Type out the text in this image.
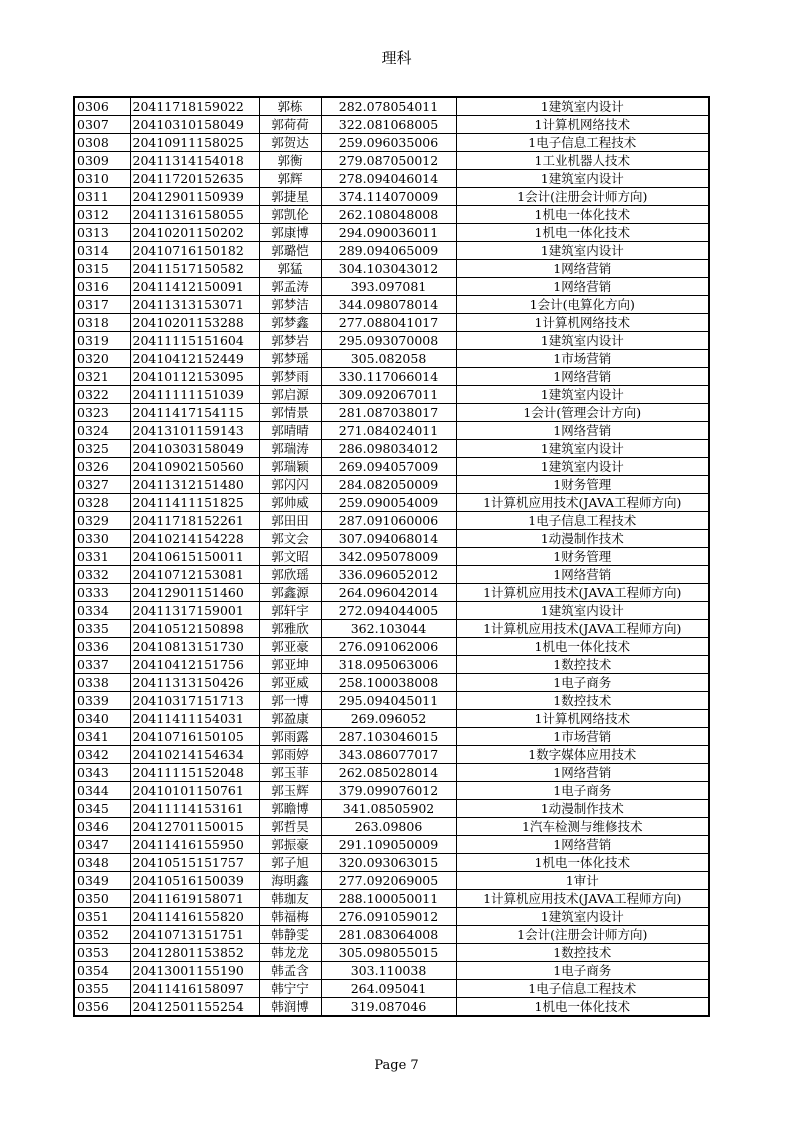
理科
0306	20411718159022	郭栋	282.078054011	1建筑室内设计
0307	20410310158049	郭荷荷	322.081068005	1计算机网络技术
0308	20410911158025	郭贺达	259.096035006	1电子信息工程技术
0309	20411314154018	郭衡	279.087050012	1工业机器人技术
0310	20411720152635	郭辉	278.094046014	1建筑室内设计
0311	20412901150939	郭捷星	374.114070009	1会计(注册会计师方向)
0312	20411316158055	郭凯伦	262.108048008	1机电一体化技术
0313	20410201150202	郭康博	294.090036011	1机电一体化技术
0314	20410716150182	郭璐恺	289.094065009	1建筑室内设计
0315	20411517150582	郭猛	304.103043012	1网络营销
0316	20411412150091	郭孟涛	393.097081	1网络营销
0317	20411313153071	郭梦洁	344.098078014	1会计(电算化方向)
0318	20410201153288	郭梦鑫	277.088041017	1计算机网络技术
0319	20411115151604	郭梦岩	295.093070008	1建筑室内设计
0320	20410412152449	郭梦瑶	305.082058	1市场营销
0321	20410112153095	郭梦雨	330.117066014	1网络营销
0322	20411111151039	郭启源	309.092067011	1建筑室内设计
0323	20411417154115	郭情景	281.087038017	1会计(管理会计方向)
0324	20413101159143	郭晴晴	271.084024011	1网络营销
0325	20410303158049	郭瑞涛	286.098034012	1建筑室内设计
0326	20410902150560	郭瑞颖	269.094057009	1建筑室内设计
0327	20411312151480	郭闪闪	284.082050009	1财务管理
0328	20411411151825	郭帅威	259.090054009	1计算机应用技术(JAVA工程师方向)
0329	20411718152261	郭田田	287.091060006	1电子信息工程技术
0330	20410214154228	郭文会	307.094068014	1动漫制作技术
0331	20410615150011	郭文昭	342.095078009	1财务管理
0332	20410712153081	郭欣瑶	336.096052012	1网络营销
0333	20412901151460	郭鑫源	264.096042014	1计算机应用技术(JAVA工程师方向)
0334	20411317159001	郭轩宇	272.094044005	1建筑室内设计
0335	20410512150898	郭雅欣	362.103044	1计算机应用技术(JAVA工程师方向)
0336	20410813151730	郭亚豪	276.091062006	1机电一体化技术
0337	20410412151756	郭亚坤	318.095063006	1数控技术
0338	20411313150426	郭亚威	258.100038008	1电子商务
0339	20410317151713	郭一博	295.094045011	1数控技术
0340	20411411154031	郭盈康	269.096052	1计算机网络技术
0341	20410716150105	郭雨露	287.103046015	1市场营销
0342	20410214154634	郭雨婷	343.086077017	1数字媒体应用技术
0343	20411115152048	郭玉菲	262.085028014	1网络营销
0344	20410101150761	郭玉辉	379.099076012	1电子商务
0345	20411114153161	郭瞻博	341.08505902	1动漫制作技术
0346	20412701150015	郭哲昊	263.09806	1汽车检测与维修技术
0347	20411416155950	郭振豪	291.109050009	1网络营销
0348	20410515151757	郭子旭	320.093063015	1机电一体化技术
0349	20410516150039	海明鑫	277.092069005	1审计
0350	20411619158071	韩珈友	288.100050011	1计算机应用技术(JAVA工程师方向)
0351	20411416155820	韩福梅	276.091059012	1建筑室内设计
0352	20410713151751	韩静雯	281.083064008	1会计(注册会计师方向)
0353	20412801153852	韩龙龙	305.098055015	1数控技术
0354	20413001155190	韩孟含	303.110038	1电子商务
0355	20411416158097	韩宁宁	264.095041	1电子信息工程技术
0356	20412501155254	韩润博	319.087046	1机电一体化技术
Page 7
